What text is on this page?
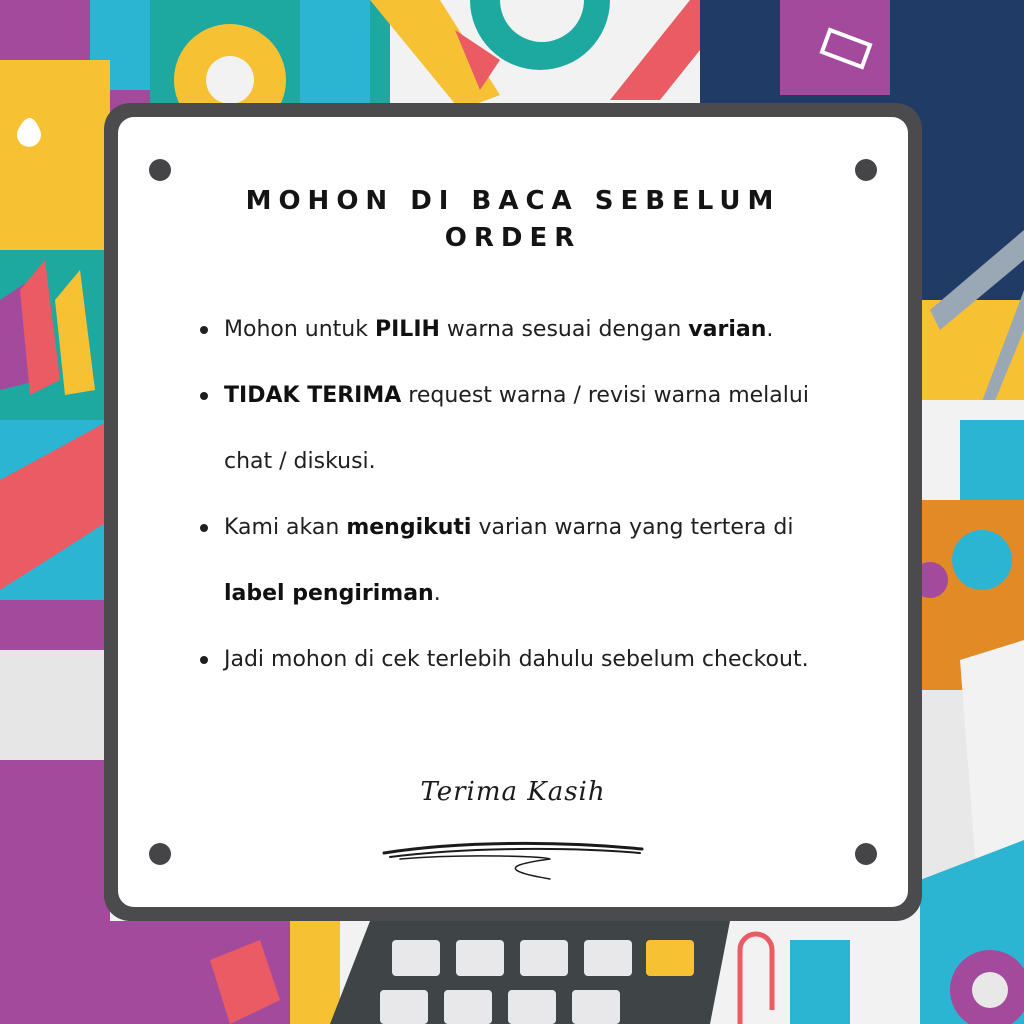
MOHON DI BACA SEBELUM
ORDER
Mohon untuk PILIH warna sesuai dengan varian.
TIDAK TERIMA request warna / revisi warna melalui chat / diskusi.
Kami akan mengikuti varian warna yang tertera di label pengiriman.
Jadi mohon di cek terlebih dahulu sebelum checkout.
Terima Kasih
